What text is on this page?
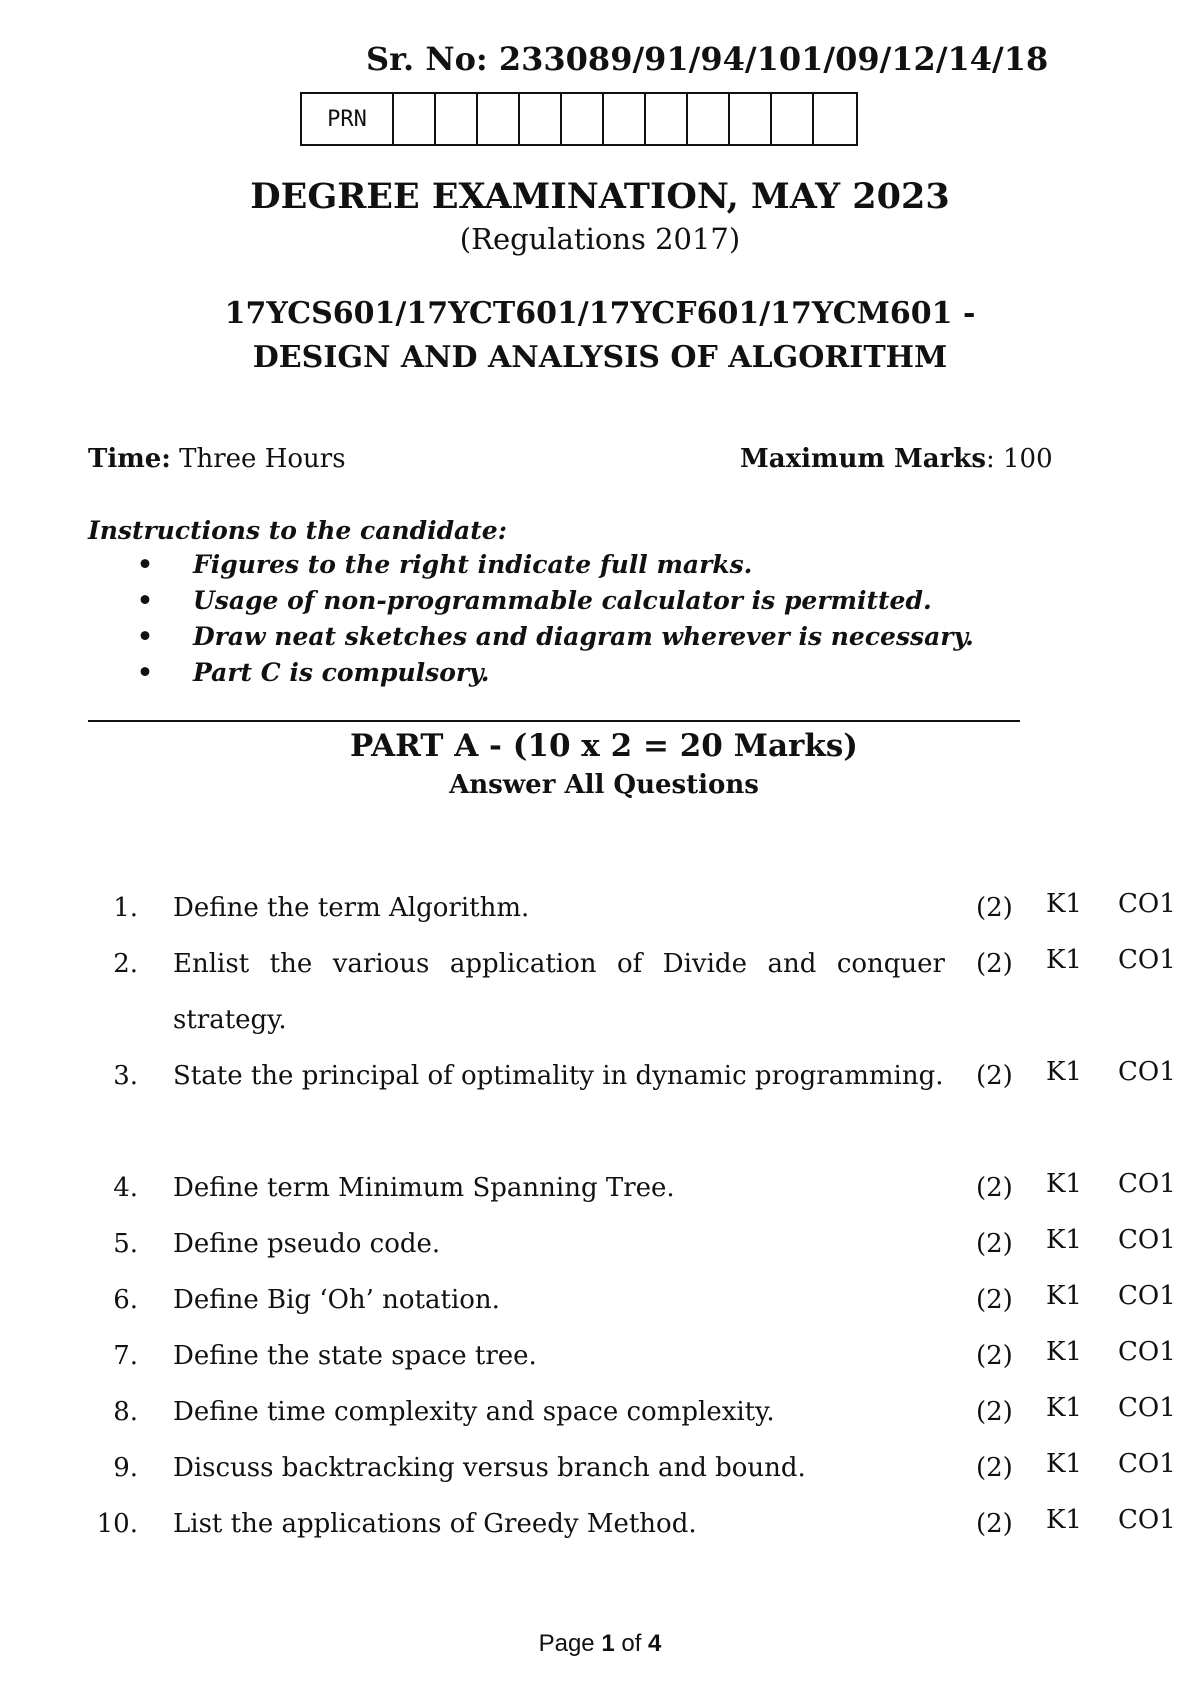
Sr. No: 233089/91/94/101/09/12/14/18
PRN
DEGREE EXAMINATION, MAY 2023
(Regulations 2017)
17YCS601/17YCT601/17YCF601/17YCM601 -
DESIGN AND ANALYSIS OF ALGORITHM
Time: Three Hours	Maximum Marks: 100
Instructions to the candidate:
• Figures to the right indicate full marks.
• Usage of non-programmable calculator is permitted.
• Draw neat sketches and diagram wherever is necessary.
• Part C is compulsory.
PART A - (10 x 2 = 20 Marks)
Answer All Questions
1. Define the term Algorithm.	(2) K1 CO1
2. Enlist the various application of Divide and conquer strategy.
(2) K1 CO1
3. State the principal of optimality in dynamic programming. (2) K1 CO1
4. Define term Minimum Spanning Tree.	(2) K1 CO1
5. Define pseudo code.	(2) K1 CO1
6. Define Big ‘Oh’ notation.	(2) K1 CO1
7. Define the state space tree.	(2) K1 CO1
8. Define time complexity and space complexity.	(2) K1 CO1
9. Discuss backtracking versus branch and bound.	(2) K1 CO1
10. List the applications of Greedy Method.	(2) K1 CO1
Page 1 of 4
